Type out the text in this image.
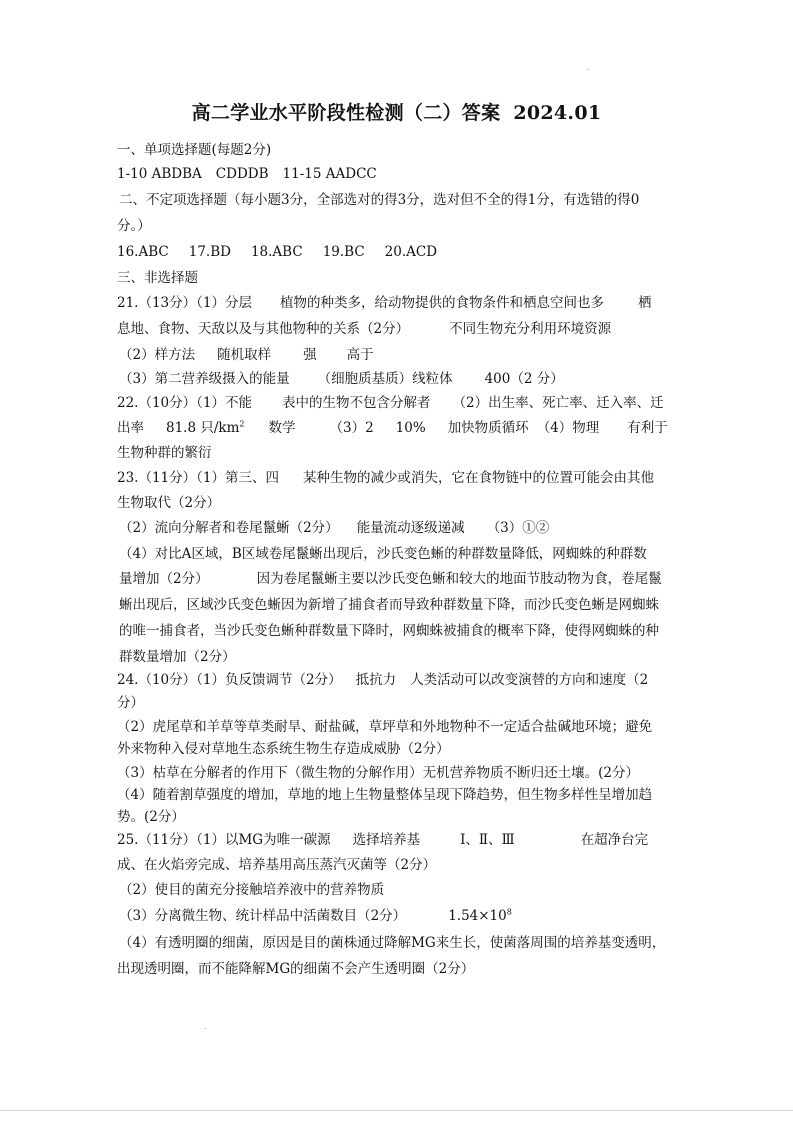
高二学业水平阶段性检测（二）答案 2024.01
一、单项选择题(每题2分)
1-10 ABDBA CDDDB 11-15 AADCC
二、不定项选择题（每小题3分，全部选对的得3分，选对但不全的得1分，有选错的得0
分。）
16.ABC 17.BD 18.ABC 19.BC 20.ACD
三、非选择题
21.（13分）（1）分层 植物的种类多，给动物提供的食物条件和栖息空间也多	栖
息地、食物、天敌以及与其他物种的关系（2分）	不同生物充分利用环境资源
（2）样方法 随机取样 强 高于
（3）第二营养级摄入的能量 （细胞质基质）线粒体 400（2 分）
22.（10分）（1）不能 表中的生物不包含分解者 （2）出生率、死亡率、迁入率、迁
出率 81.8 只$/km^2$ 数学	（3）2 10% 加快物质循环 （4）物理 有利于
生物种群的繁衍
23.（11分）（1）第三、四 某种生物的减少或消失，它在食物链中的位置可能会由其他
生物取代（2分）
（2）流向分解者和卷尾鬣蜥（2分） 能量流动逐级递减 （3）①②
（4）对比A区域，B区域卷尾鬣蜥出现后，沙氏变色蜥的种群数量降低，网蜘蛛的种群数
量增加（2分）	因为卷尾鬣蜥主要以沙氏变色蜥和较大的地面节肢动物为食，卷尾鬣
蜥出现后，区域沙氏变色蜥因为新增了捕食者而导致种群数量下降，而沙氏变色蜥是网蜘蛛
的唯一捕食者，当沙氏变色蜥种群数量下降时，网蜘蛛被捕食的概率下降，使得网蜘蛛的种
群数量增加（2分）
24.（10分）（1）负反馈调节（2分） 抵抗力 人类活动可以改变演替的方向和速度（2
分）
（2）虎尾草和羊草等草类耐旱、耐盐碱，草坪草和外地物种不一定适合盐碱地环境；避免
外来物种入侵对草地生态系统生物生存造成威胁（2分）
（3）枯草在分解者的作用下（微生物的分解作用）无机营养物质不断归还土壤。(2分）
（4）随着割草强度的增加，草地的地上生物量整体呈现下降趋势，但生物多样性呈增加趋
势。(2分）
25.（11分）（1）以MG为唯一碳源 选择培养基	Ⅰ、Ⅱ、Ⅲ	在超净台完
成、在火焰旁完成、培养基用高压蒸汽灭菌等（2分）
（2）使目的菌充分接触培养液中的营养物质
（3）分离微生物、统计样品中活菌数目（2分）	$1.54\times 10^8$
（4）有透明圈的细菌，原因是目的菌株通过降解MG来生长，使菌落周围的培养基变透明，
出现透明圈，而不能降解MG的细菌不会产生透明圈（2分）
